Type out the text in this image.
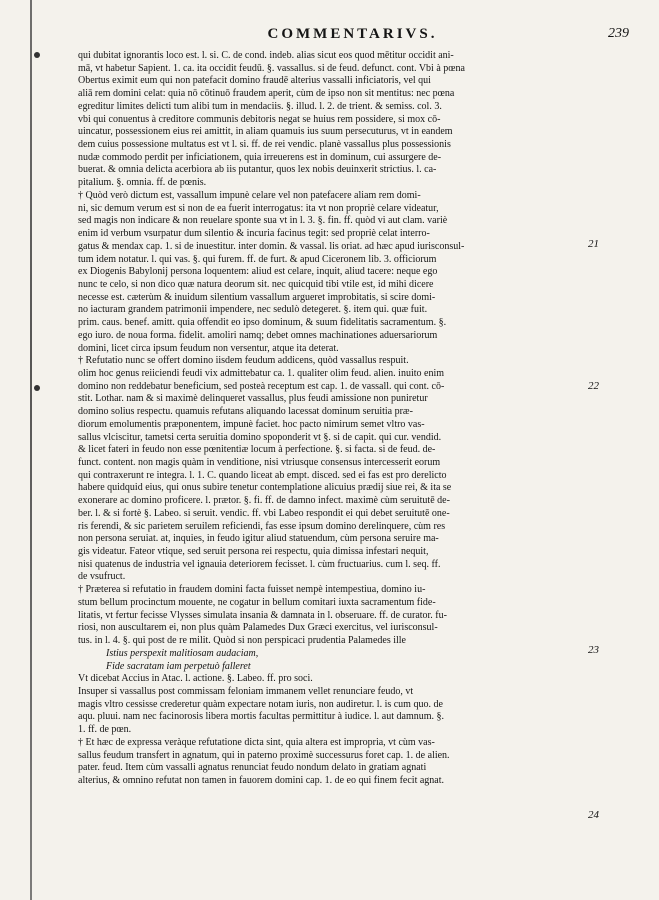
COMMENTARIVS.	239
qui dubitat ignorantis loco est. l. si. C. de cond. indeb. alias sicut eos quod mētitur occidit ani-
mā, vt habetur Sapient. 1. ca. ita occidit feudū. §. vassallus. si de feud. defunct. cont. Vbi à pœna
Obertus eximit eum qui non patefacit domino fraudē alterius vassalli inficiatoris, vel qui
aliā rem domini celat: quia nō cōtinuō fraudem aperit, cùm de ipso non sit mentitus: nec pœna
egreditur limites delicti tum alibi tum in mendaciis. §. illud. l. 2. de trient. & semiss. col. 3.
vbi qui conuentus à creditore communis debitoris negat se huius rem possidere, si mox cō-
uincatur, possessionem eius rei amittit, in aliam quamuis ius suum persecuturus, vt in eandem
dem cuius possessione multatus est vt l. si. ff. de rei vendic. planè vassallus plus possessionis
nudæ commodo perdit per inficiationem, quia irreuerens est in dominum, cui assurgere de-
buerat. & omnia delicta acerbiora ab iis putantur, quos lex nobis deuinxerit strictius. l. ca-
pitalium. §. omnia. ff. de pœnis.
† Quòd verò dictum est, vassallum impunè celare vel non patefacere aliam rem domi-
ni, sic demum verum est si non de ea fuerit interrogatus: ita vt non propriè celare videatur,
sed magis non indicare & non reuelare sponte sua vt in l. 3. §. fin. ff. quòd vi aut clam. variè
enim id verbum vsurpatur dum silentio & incuria facinus tegit: sed propriè celat interro-
gatus & mendax cap. 1. si de inuestitur. inter domin. & vassal. lis oriat. ad hæc apud iurisconsul-
tum idem notatur. l. qui vas. §. qui furem. ff. de furt. & apud Ciceronem lib. 3. officiorum
ex Diogenis Babylonij persona loquentem: aliud est celare, inquit, aliud tacere: neque ego
nunc te celo, si non dico quæ natura deorum sit. nec quicquid tibi vtile est, id mihi dicere
necesse est. cæterùm & inuidum silentium vassallum argueret improbitatis, si scire domi-
no iacturam grandem patrimonii impendere, nec sedulò detegeret. §. item qui. quæ fuit.
prim. caus. benef. amitt. quia offendit eo ipso dominum, & suum fidelitatis sacramentum. §.
ego iuro. de noua forma. fidelit. amoliri namq; debet omnes machinationes aduersariorum
domini, licet circa ipsum feudum non versentur, atque ita deterat.
† Refutatio nunc se offert domino iisdem feudum addicens, quòd vassallus respuit.
olim hoc genus reiiciendi feudi vix admittebatur ca. 1. qualiter olim feud. alien. inuito enim
domino non reddebatur beneficium, sed posteà receptum est cap. 1. de vassall. qui cont. cō-
stit. Lothar. nam & si maximè delinqueret vassallus, plus feudi amissione non puniretur
domino solius respectu. quamuis refutans aliquando lacessat dominum seruitia præ-
diorum emolumentis præponentem, impunè faciet. hoc pacto nimirum semet vltro vas-
sallus vlciscitur, tametsi certa seruitia domino spoponderit vt §. si de capit. qui cur. vendid.
& licet fateri in feudo non esse pœnitentiæ locum à perfectione. §. si facta. si de feud. de-
funct. content. non magis quàm in venditione, nisi vtriusque consensus intercesserit eorum
qui contraxerunt re integra. l. 1. C. quando liceat ab empt. disced. sed ei fas est pro derelicto
habere quidquid eius, qui onus subire tenetur contemplatione alicuius prædij siue rei, & ita se
exonerare ac domino proficere. l. prætor. §. fi. ff. de damno infect. maximè cùm seruitutē de-
ber. l. & si fortè §. Labeo. si seruit. vendic. ff. vbi Labeo respondit ei qui debet seruitutē one-
ris ferendi, & sic parietem seruilem reficiendi, fas esse ipsum domino derelinquere, cùm res
non persona seruiat. at, inquies, in feudo igitur aliud statuendum, cùm persona seruire ma-
gis videatur. Fateor vtique, sed seruit persona rei respectu, quia dimissa infestari nequit,
nisi quatenus de industria vel ignauia deteriorem fecisset. l. cùm fructuarius. cum l. seq. ff.
de vsufruct.
† Præterea si refutatio in fraudem domini facta fuisset nempè intempestiua, domino iu-
stum bellum procinctum mouente, ne cogatur in bellum comitari iuxta sacramentum fide-
litatis, vt fertur fecisse Vlysses simulata insania & damnata in l. obseruare. ff. de curator. fu-
riosi, non auscultarem ei, non plus quàm Palamedes Dux Græci exercitus, vel iurisconsul-
tus. in l. 4. §. qui post de re milit. Quòd si non perspicaci prudentia Palamedes ille
Istius perspexit malitiosam audaciam,
Fide sacratam iam perpetuò falleret
Vt dicebat Accius in Atac. l. actione. §. Labeo. ff. pro soci.
Insuper si vassallus post commissam feloniam immanem vellet renunciare feudo, vt
magis vltro cessisse crederetur quàm expectare notam iuris, non audiretur. l. is cum quo. de
aqu. pluui. nam nec facinorosis libera mortis facultas permittitur à iudice. l. aut damnum. §.
1. ff. de pœn.
† Et hæc de expressa veràque refutatione dicta sint, quia altera est impropria, vt cùm vas-
sallus feudum transfert in agnatum, qui in paterno proximè successurus foret cap. 1. de alien.
pater. feud. Item cùm vassalli agnatus renunciat feudo nondum delato in gratiam agnati
alterius, & omnino refutat non tamen in fauorem domini cap. 1. de eo qui finem fecit agnat.
21
22
23
24
